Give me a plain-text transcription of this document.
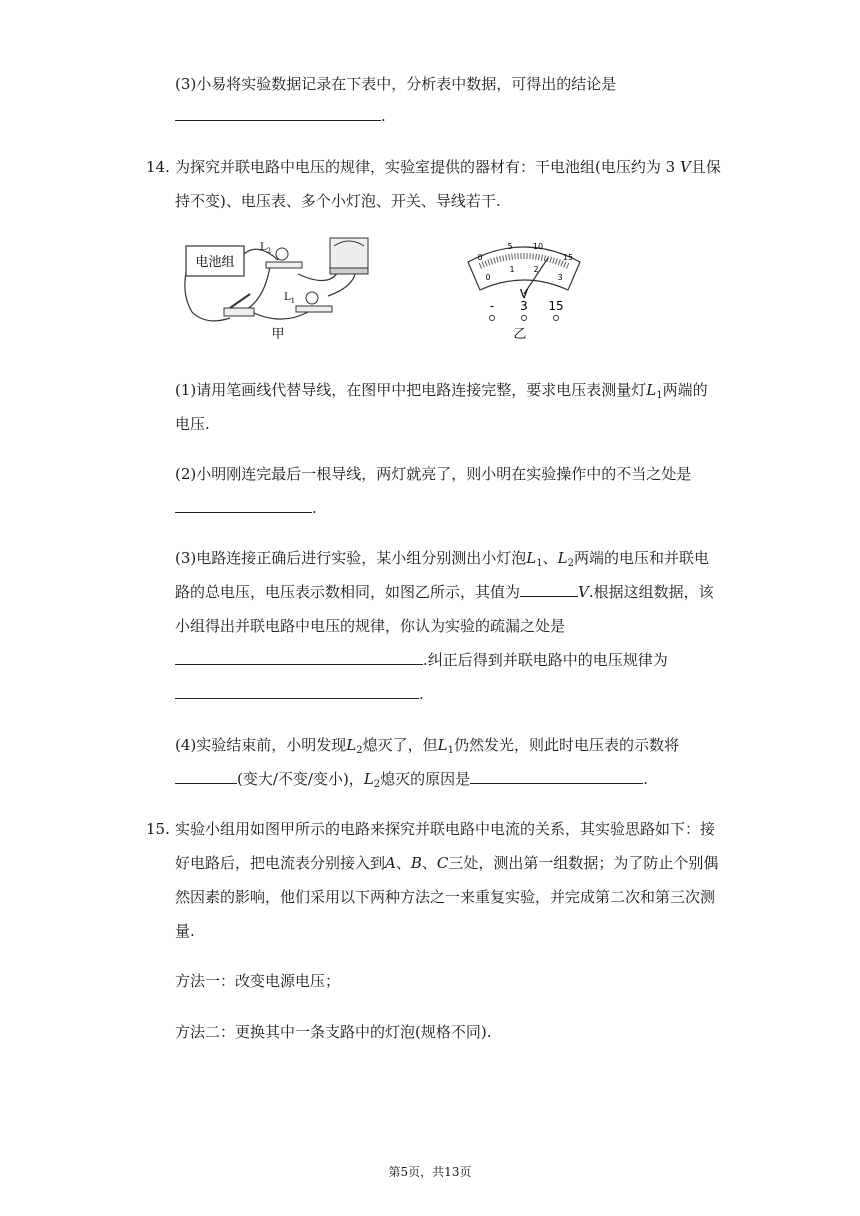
(3)小易将实验数据记录在下表中，分析表中数据，可得出的结论是
.
14. 为探究并联电路中电压的规律，实验室提供的器材有：干电池组(电压约为 3 V且保
持不变)、电压表、多个小灯泡、开关、导线若干.
电池组
$L_2$
$L_1$
甲
0
5	10
15
0
1 2
3
V
- 3 15
乙
(1)请用笔画线代替导线，在图甲中把电路连接完整，要求电压表测量灯$L_1$两端的
电压.
(2)小明刚连完最后一根导线，两灯就亮了，则小明在实验操作中的不当之处是
.
(3)电路连接正确后进行实验，某小组分别测出小灯泡$L_1$、$L_2$两端的电压和并联电
路的总电压，电压表示数相同，如图乙所示，其值为	V.根据这组数据，该
小组得出并联电路中电压的规律，你认为实验的疏漏之处是
.纠正后得到并联电路中的电压规律为
.
(4)实验结束前，小明发现$L_2$熄灭了，但$L_1$仍然发光，则此时电压表的示数将
(变大/不变/变小)，$L_2$熄灭的原因是	.
15. 实验小组用如图甲所示的电路来探究并联电路中电流的关系，其实验思路如下：接
好电路后，把电流表分别接入到A、B、C三处，测出第一组数据；为了防止个别偶
然因素的影响，他们采用以下两种方法之一来重复实验，并完成第二次和第三次测
量.
方法一：改变电源电压；
方法二：更换其中一条支路中的灯泡(规格不同).
第5页，共13页
